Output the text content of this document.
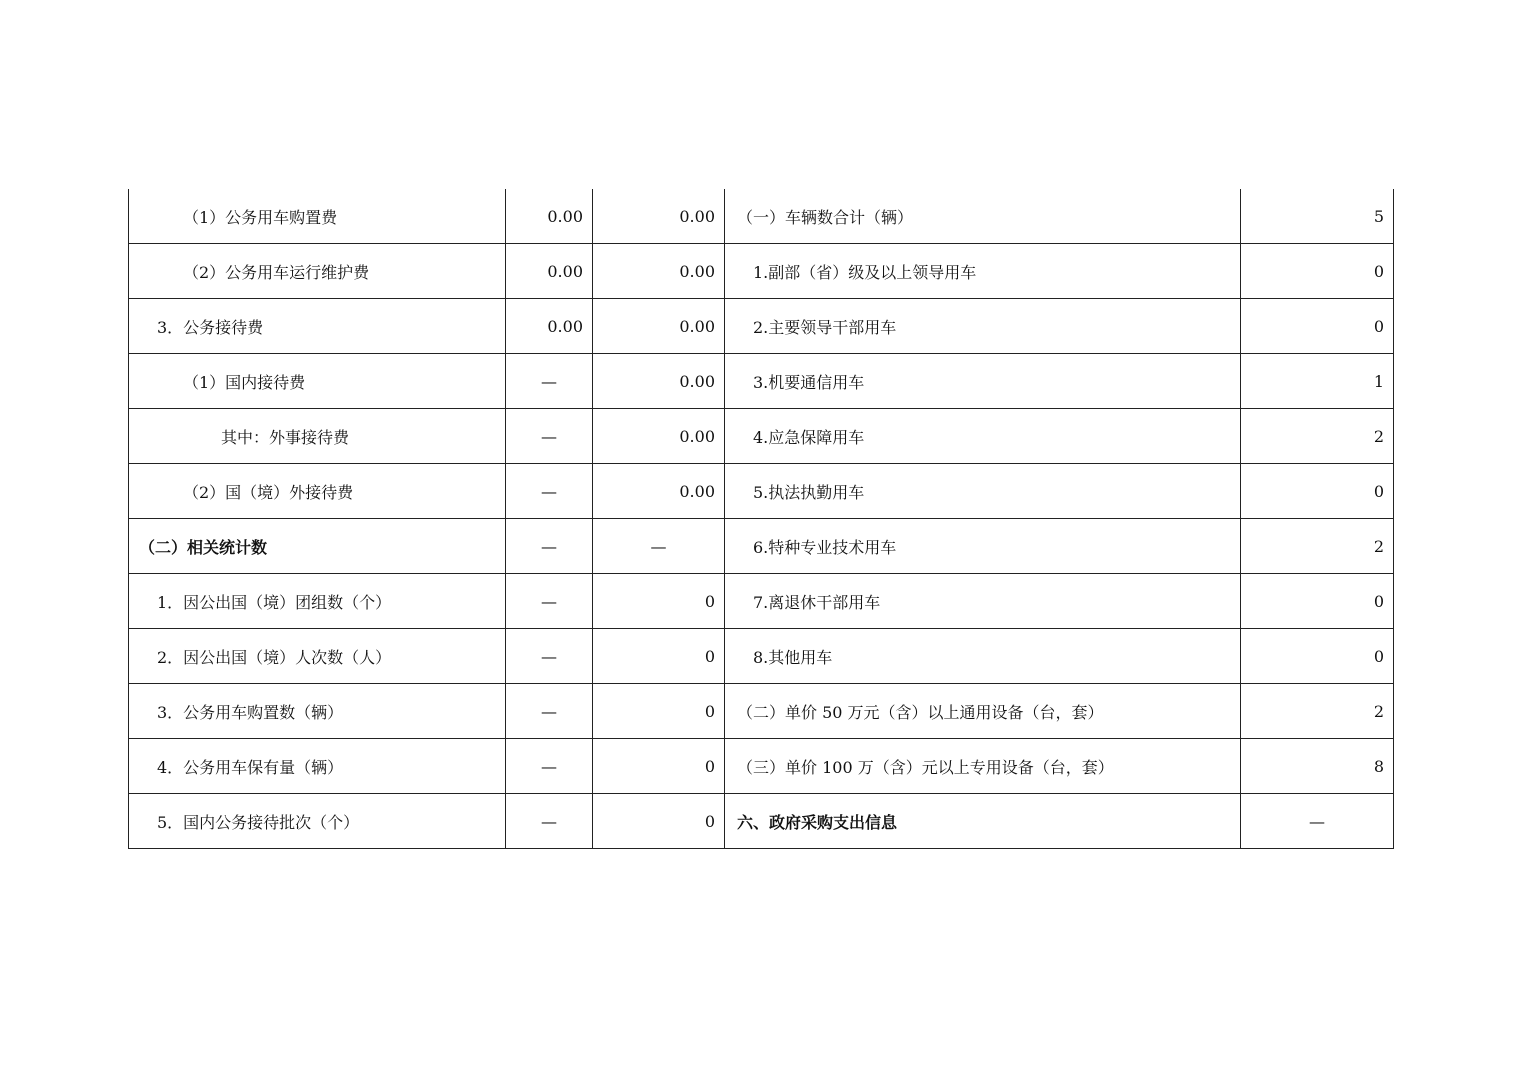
（1）公务用车购置费	0.00	0.00	（一）车辆数合计（辆）	5
（2）公务用车运行维护费	0.00	0.00	1.副部（省）级及以上领导用车	0
3．公务接待费	0.00	0.00	2.主要领导干部用车	0
（1）国内接待费	—	0.00	3.机要通信用车	1
其中：外事接待费	—	0.00	4.应急保障用车	2
（2）国（境）外接待费	—	0.00	5.执法执勤用车	0
（二）相关统计数	—	—	6.特种专业技术用车	2
1．因公出国（境）团组数（个）	—	0	7.离退休干部用车	0
2．因公出国（境）人次数（人）	—	0	8.其他用车	0
3．公务用车购置数（辆）	—	0	（二）单价 50 万元（含）以上通用设备（台，套）	2
4．公务用车保有量（辆）	—	0	（三）单价 100 万（含）元以上专用设备（台，套）	8
5．国内公务接待批次（个）	—	0	六、政府采购支出信息	—
